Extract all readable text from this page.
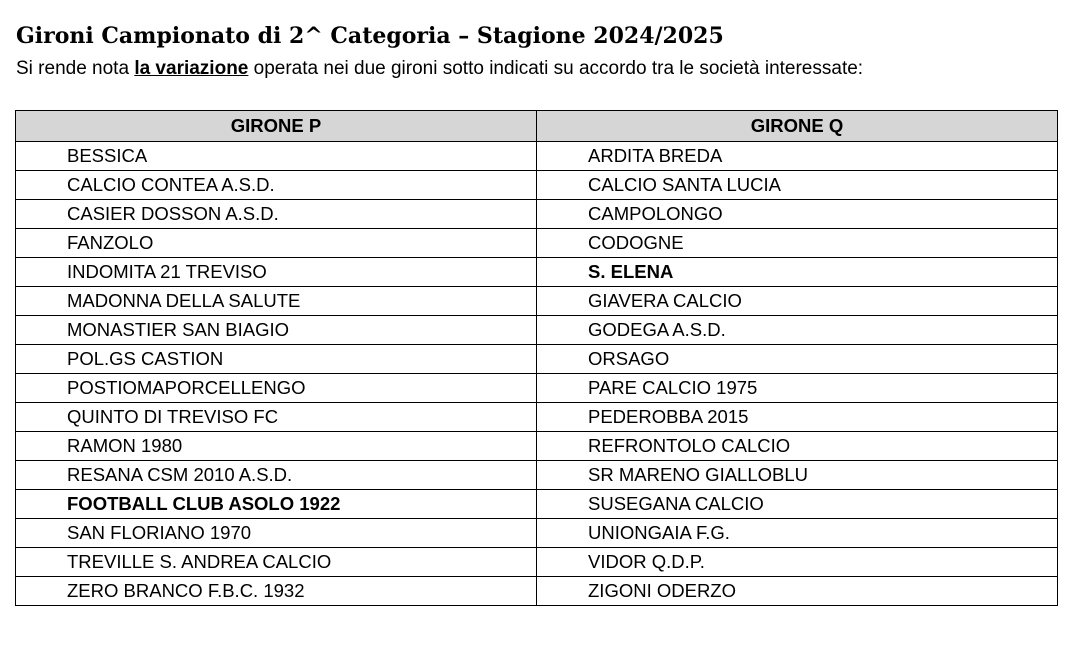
Gironi Campionato di 2^ Categoria – Stagione 2024/2025
Si rende nota la variazione operata nei due gironi sotto indicati su accordo tra le società interessate:
GIRONE P	GIRONE Q
BESSICA	ARDITA BREDA
CALCIO CONTEA A.S.D.	CALCIO SANTA LUCIA
CASIER DOSSON A.S.D.	CAMPOLONGO
FANZOLO	CODOGNE
INDOMITA 21 TREVISO	S. ELENA
MADONNA DELLA SALUTE	GIAVERA CALCIO
MONASTIER SAN BIAGIO	GODEGA A.S.D.
POL.GS CASTION	ORSAGO
POSTIOMAPORCELLENGO	PARE CALCIO 1975
QUINTO DI TREVISO FC	PEDEROBBA 2015
RAMON 1980	REFRONTOLO CALCIO
RESANA CSM 2010 A.S.D.	SR MARENO GIALLOBLU
FOOTBALL CLUB ASOLO 1922	SUSEGANA CALCIO
SAN FLORIANO 1970	UNIONGAIA F.G.
TREVILLE S. ANDREA CALCIO	VIDOR Q.D.P.
ZERO BRANCO F.B.C. 1932	ZIGONI ODERZO
